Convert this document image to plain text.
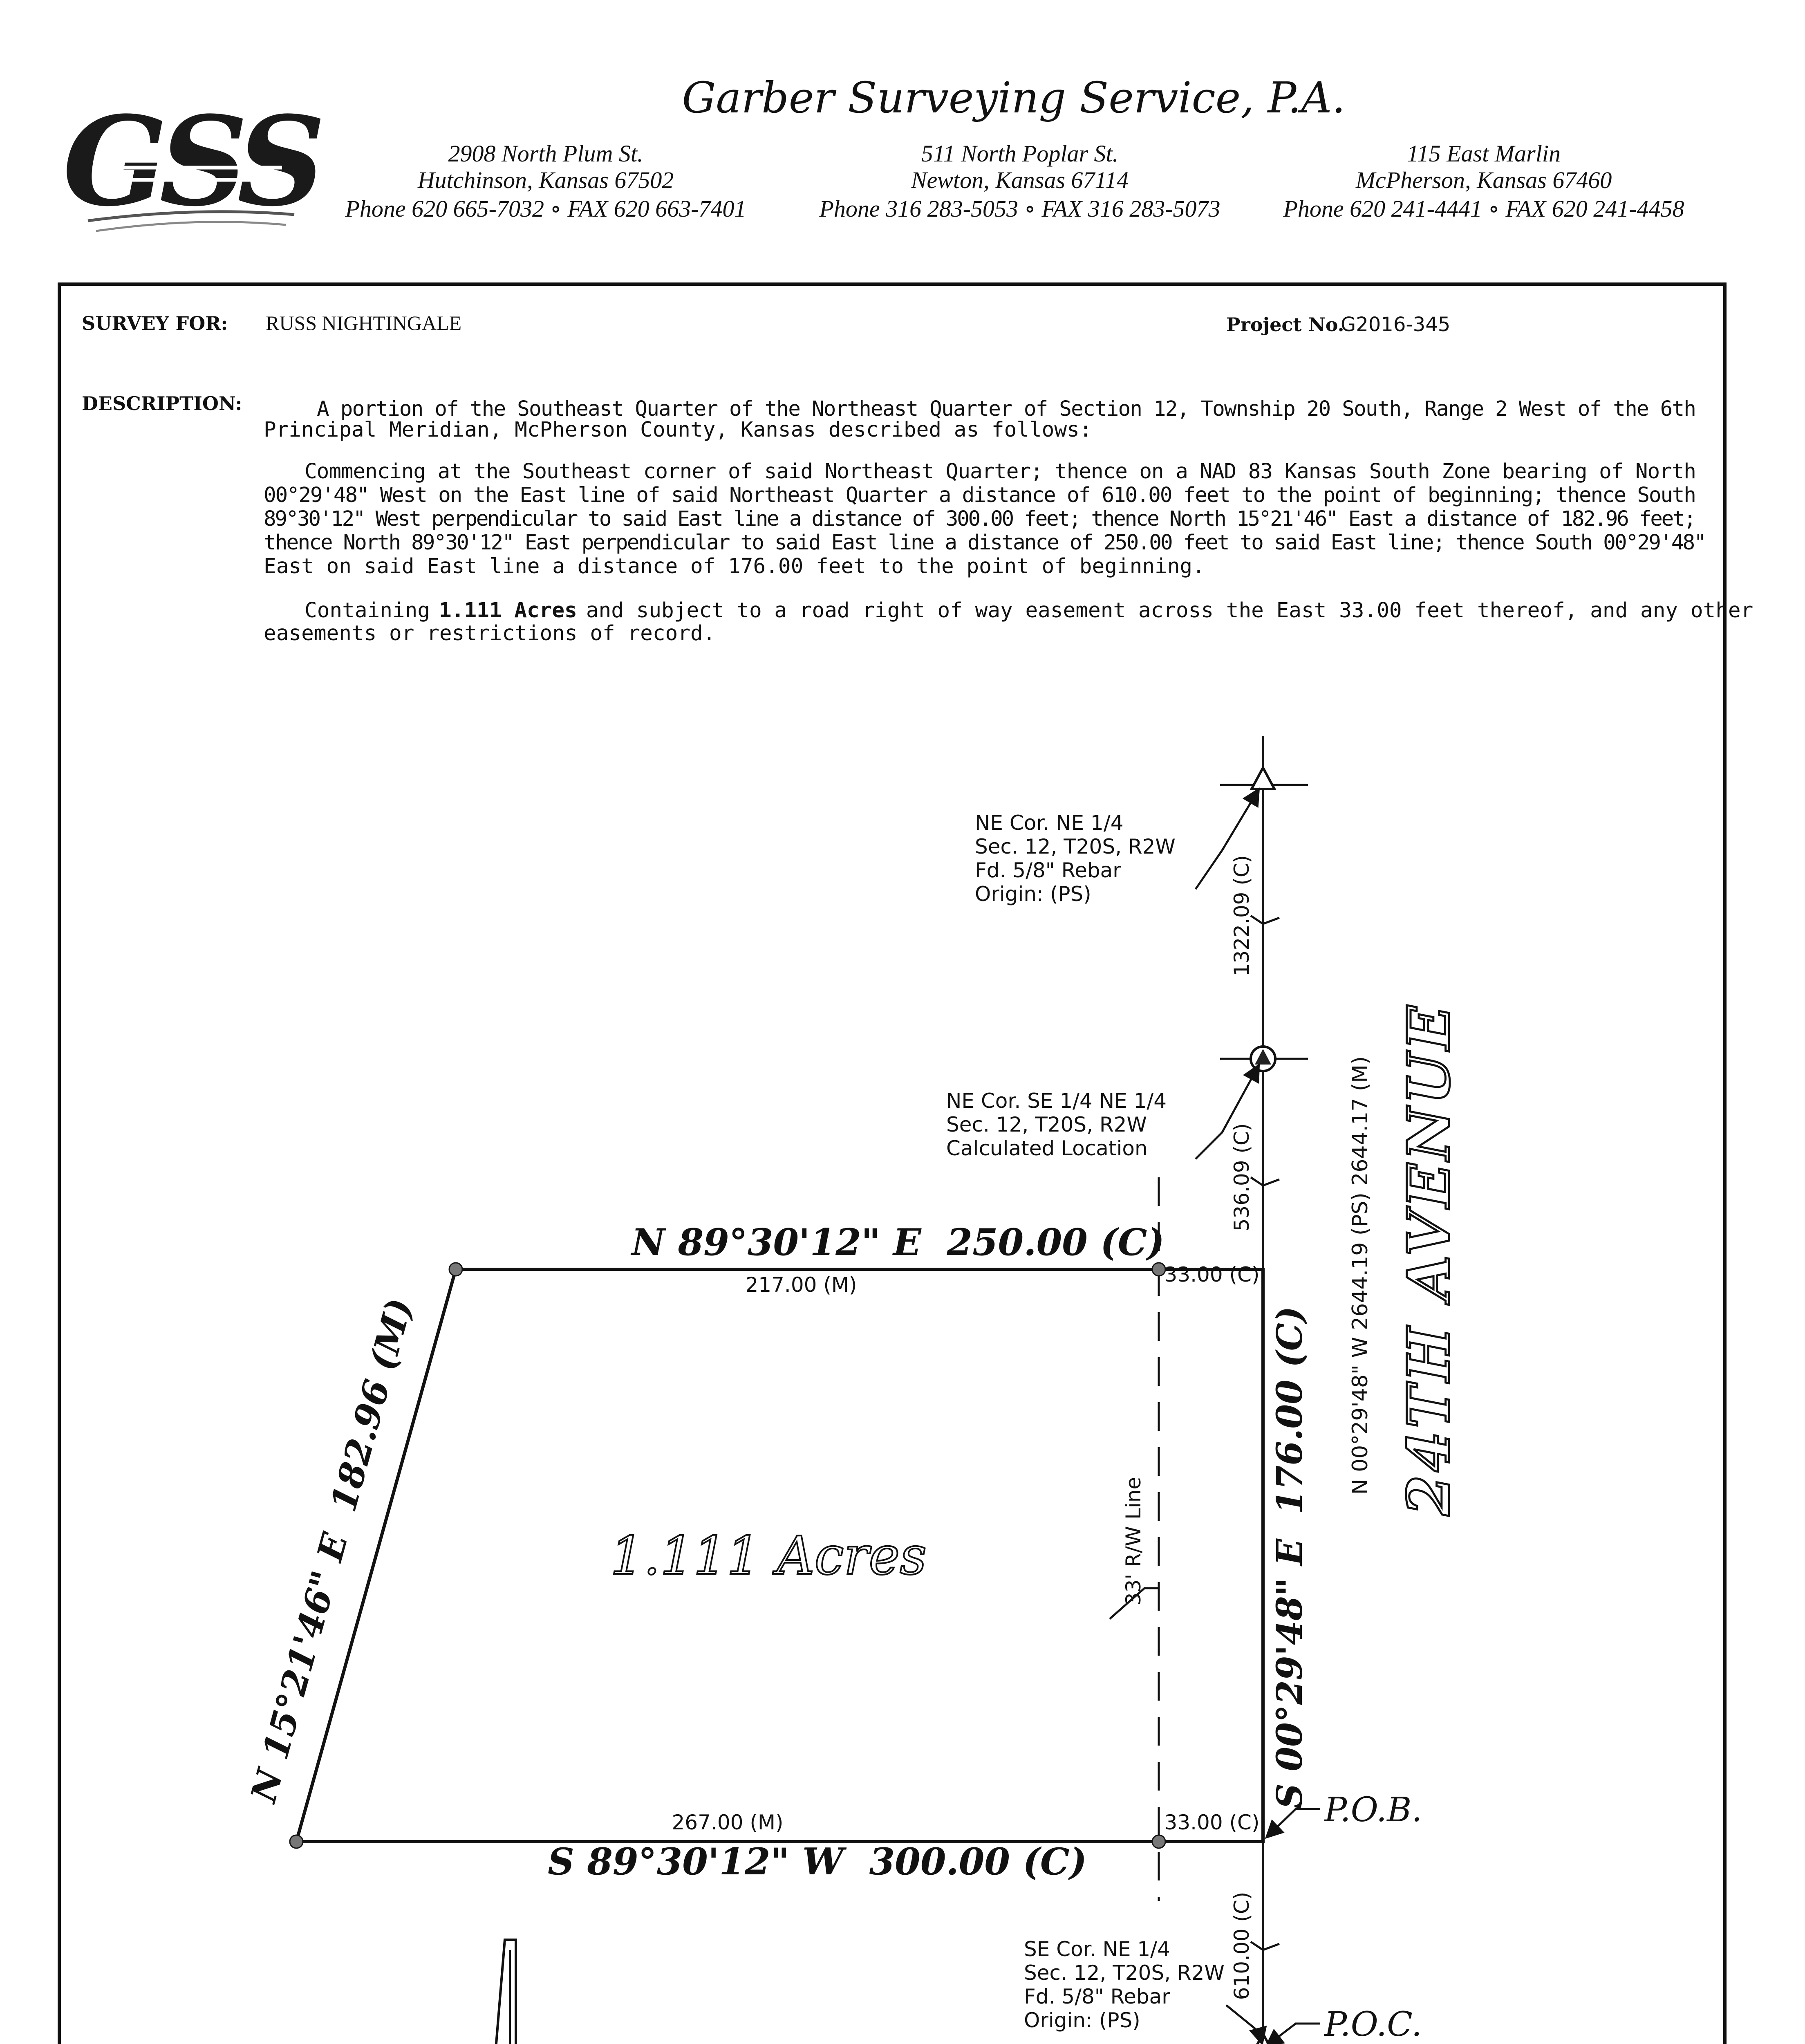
GSS	Garber Surveying Service, P.A.
2908 North Plum St.
Hutchinson, Kansas 67502
Phone 620 665-7032 ∘ FAX 620 663-7401
511 North Poplar St.
Newton, Kansas 67114
Phone 316 283-5053 ∘ FAX 316 283-5073
115 East Marlin
McPherson, Kansas 67460
Phone 620 241-4441 ∘ FAX 620 241-4458
SURVEY FOR: RUSS NIGHTINGALE	Project No.
G2016-345
DESCRIPTION:	A portion of the Southeast Quarter of the Northeast Quarter of Section 12, Township 20 South, Range 2 West of the 6th
Principal Meridian, McPherson County, Kansas described as follows:
Commencing at the Southeast corner of said Northeast Quarter; thence on a NAD 83 Kansas South Zone bearing of North
00°29'48" West on the East line of said Northeast Quarter a distance of 610.00 feet to the point of beginning; thence South
89°30'12" West perpendicular to said East line a distance of 300.00 feet; thence North 15°21'46" East a distance of 182.96 feet;
thence North 89°30'12" East perpendicular to said East line a distance of 250.00 feet to said East line; thence South 00°29'48"
East on said East line a distance of 176.00 feet to the point of beginning.
Containing 1.111 Acres and subject to a road right of way easement across the East 33.00 feet thereof, and any other
easements or restrictions of record.
NE Cor. NE 1/4
Sec. 12, T20S, R2W
Fd. 5/8" Rebar
Origin: (PS)
NE Cor. SE 1/4 NE 1/4
Sec. 12, T20S, R2W
Calculated Location
SE Cor. NE 1/4
Sec. 12, T20S, R2W
Fd. 5/8" Rebar
Origin: (PS)
1322.09 (C)
536.09 (C)
610.00 (C)
N 00°29'48" W 2644.19 (PS) 2644.17 (M) 24TH AVENUE
N 89°30'12" E  250.00 (C)
217.00 (M)	33.00 (C)
267.00 (M)	33.00 (C)
S 89°30'12" W  300.00 (C)
N 15°21'46" E  182.96 (M)	S 00°29'48" E  176.00 (C)
33' R/W Line
1.111 Acres
P.O.B.
P.O.C.
